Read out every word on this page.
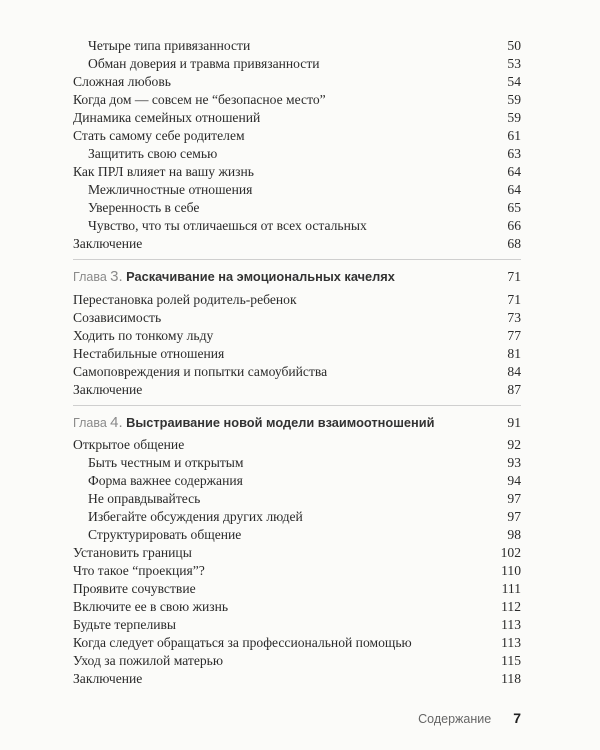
Четыре типа привязанности	50
Обман доверия и травма привязанности	53
Сложная любовь	54
Когда дом — совсем не “безопасное место”	59
Динамика семейных отношений	59
Стать самому себе родителем	61
Защитить свою семью	63
Как ПРЛ влияет на вашу жизнь	64
Межличностные отношения	64
Уверенность в себе	65
Чувство, что ты отличаешься от всех остальных	66
Заключение	68
Глава 3. Раскачивание на эмоциональных качелях	71
Перестановка ролей родитель-ребенок	71
Созависимость	73
Ходить по тонкому льду	77
Нестабильные отношения	81
Самоповреждения и попытки самоубийства	84
Заключение	87
Глава 4. Выстраивание новой модели взаимоотношений	91
Открытое общение	92
Быть честным и открытым	93
Форма важнее содержания	94
Не оправдывайтесь	97
Избегайте обсуждения других людей	97
Структурировать общение	98
Установить границы	102
Что такое “проекция”?	110
Проявите сочувствие	111
Включите ее в свою жизнь	112
Будьте терпеливы	113
Когда следует обращаться за профессиональной помощью	113
Уход за пожилой матерью	115
Заключение	118
Содержание 7
